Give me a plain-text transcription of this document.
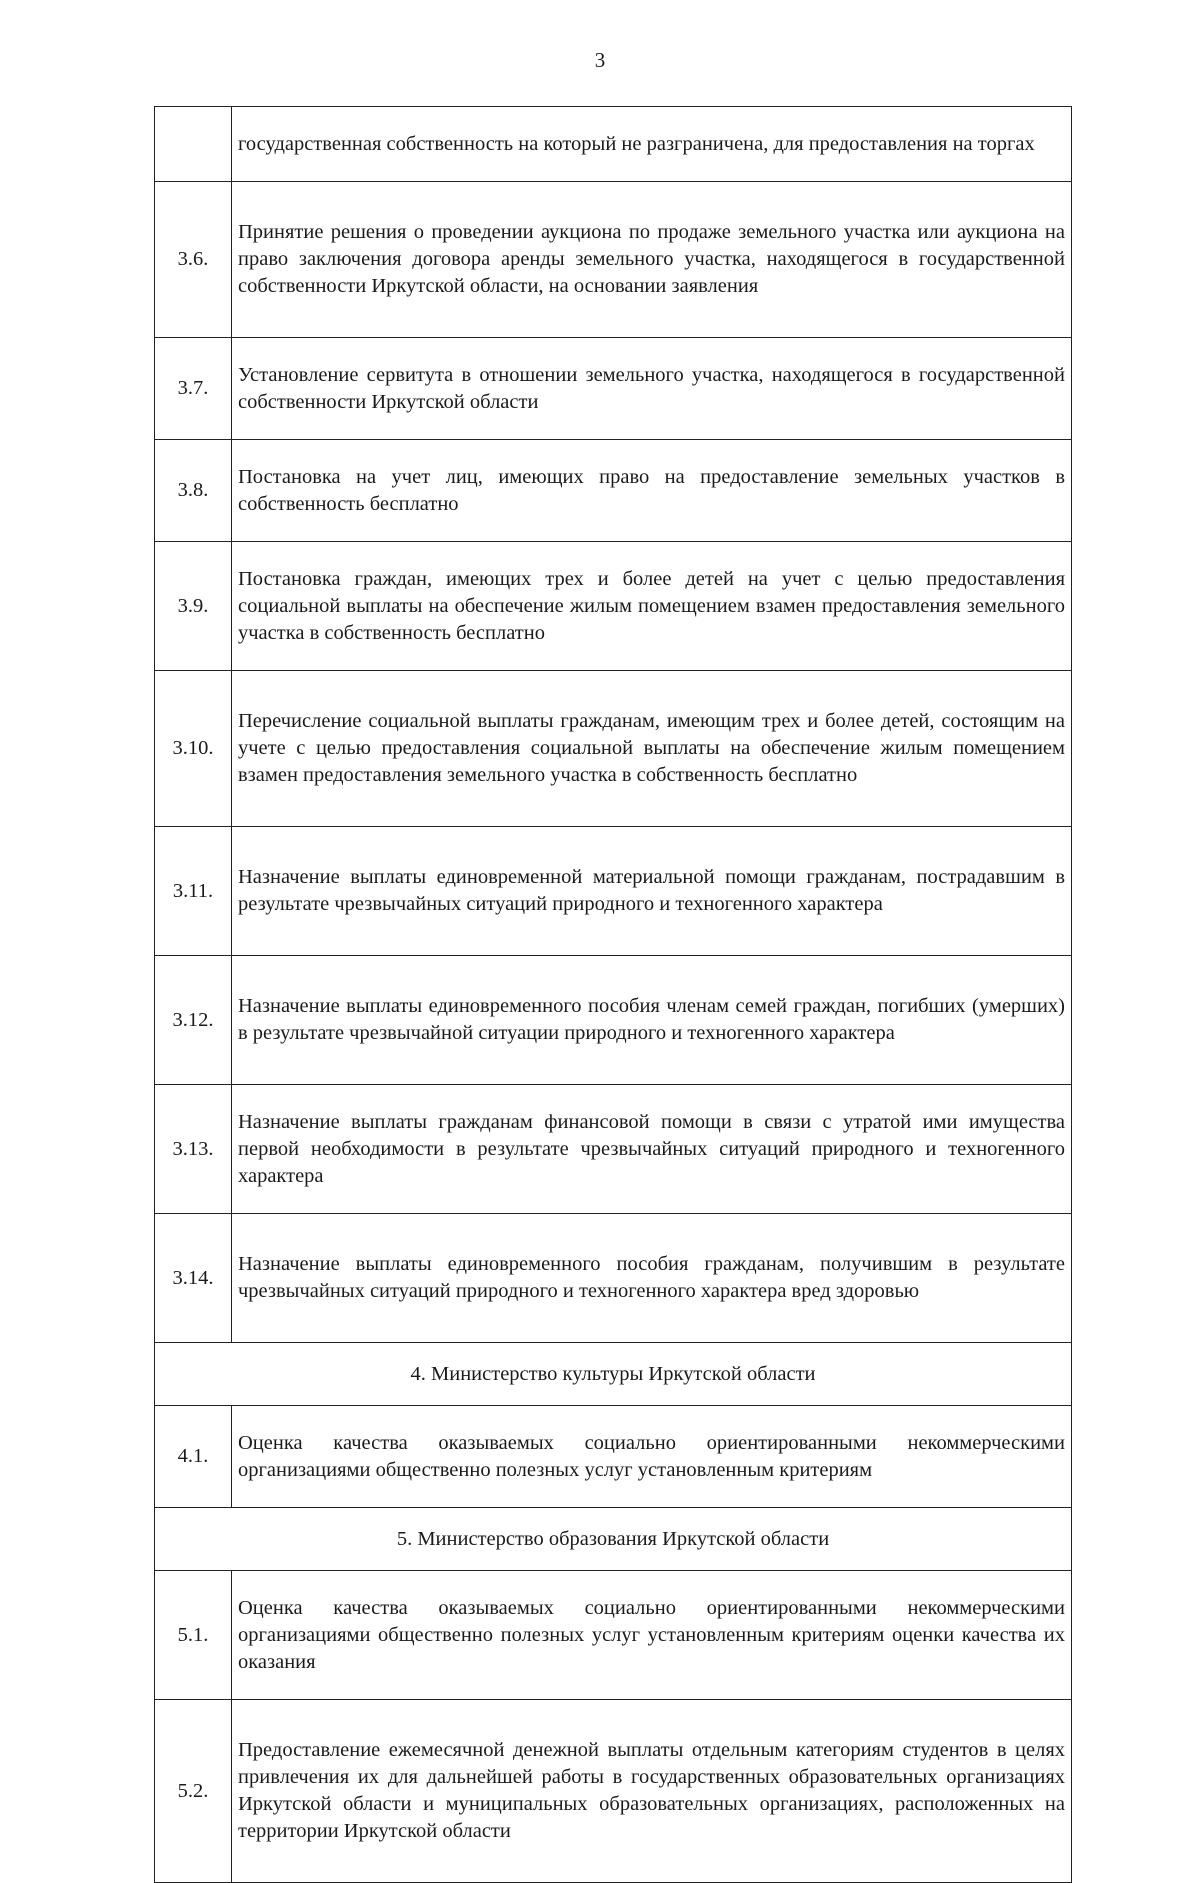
3
	государственная собственность на который не разграничена, для предоставления на торгах
3.6.	Принятие решения о проведении аукциона по продаже земельного участка или аукциона на право заключения договора аренды земельного участка, находящегося в государственной собственности Иркутской области, на основании заявления
3.7.	Установление сервитута в отношении земельного участка, находящегося в государственной собственности Иркутской области
3.8.	Постановка на учет лиц, имеющих право на предоставление земельных участков в собственность бесплатно
3.9.	Постановка граждан, имеющих трех и более детей на учет с целью предоставления социальной выплаты на обеспечение жилым помещением взамен предоставления земельного участка в собственность бесплатно
3.10.	Перечисление социальной выплаты гражданам, имеющим трех и более детей, состоящим на учете с целью предоставления социальной выплаты на обеспечение жилым помещением взамен предоставления земельного участка в собственность бесплатно
3.11.	Назначение выплаты единовременной материальной помощи гражданам, пострадавшим в результате чрезвычайных ситуаций природного и техногенного характера
3.12.	Назначение выплаты единовременного пособия членам семей граждан, погибших (умерших) в результате чрезвычайной ситуации природного и техногенного характера
3.13.	Назначение выплаты гражданам финансовой помощи в связи с утратой ими имущества первой необходимости в результате чрезвычайных ситуаций природного и техногенного характера
3.14.	Назначение выплаты единовременного пособия гражданам, получившим в результате чрезвычайных ситуаций природного и техногенного характера вред здоровью
4. Министерство культуры Иркутской области	
4.1.	Оценка качества оказываемых социально ориентированными некоммерческими организациями общественно полезных услуг установленным критериям
5. Министерство образования Иркутской области	
5.1.	Оценка качества оказываемых социально ориентированными некоммерческими организациями общественно полезных услуг установленным критериям оценки качества их оказания
5.2.	Предоставление ежемесячной денежной выплаты отдельным категориям студентов в целях привлечения их для дальнейшей работы в государственных образовательных организациях Иркутской области и муниципальных образовательных организациях, расположенных на территории Иркутской области
